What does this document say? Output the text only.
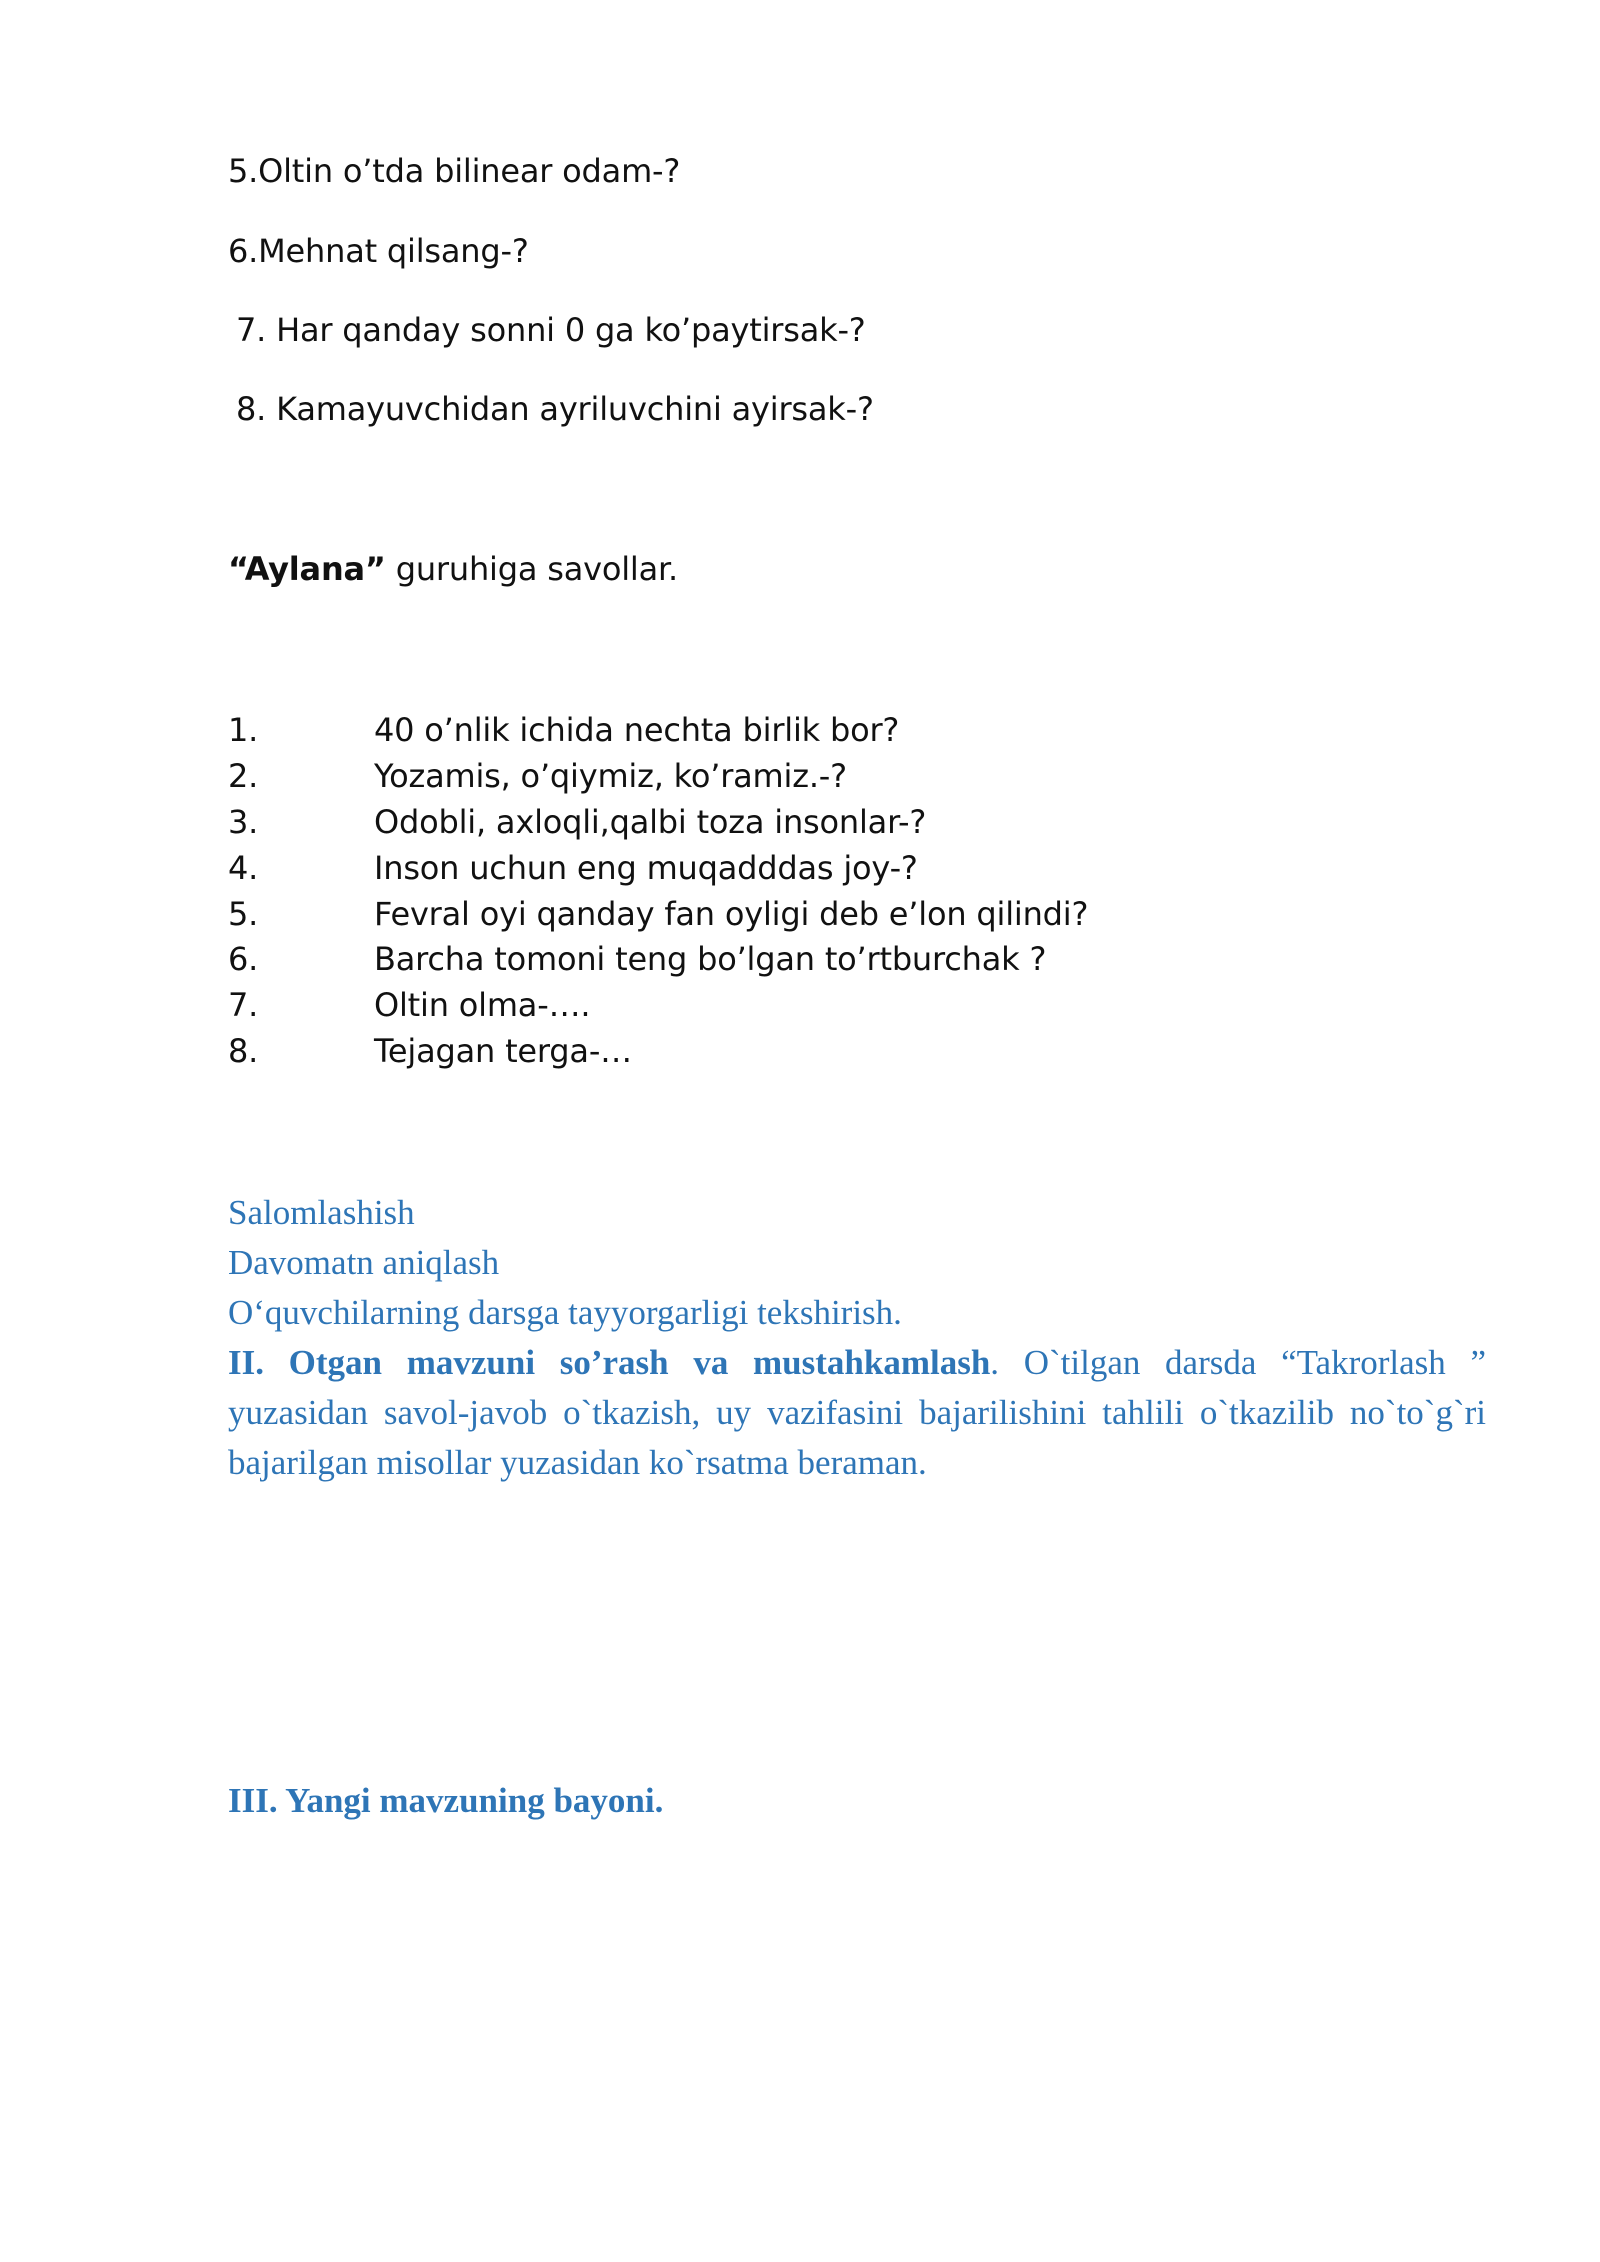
5.Oltin o’tda bilinear odam-?
6.Mehnat qilsang-?
7. Har qanday sonni 0 ga ko’paytirsak-?
8. Kamayuvchidan ayriluvchini ayirsak-?
“Aylana” guruhiga savollar.
1.	40 o’nlik ichida nechta birlik bor?
2.	Yozamis, o’qiymiz, ko’ramiz.-?
3.	Odobli, axloqli,qalbi toza insonlar-?
4.	Inson uchun eng muqadddas joy-?
5.	Fevral oyi qanday fan oyligi deb e’lon qilindi?
6.	Barcha tomoni teng bo’lgan to’rtburchak ?
7.	Oltin olma-….
8.	Tejagan terga-…
Salomlashish
Davomatn aniqlash
O‘quvchilarning darsga tayyorgarligi tekshirish.
II. Otgan mavzuni so’rash va mustahkamlash. O`tilgan darsda “Takrorlash ” yuzasidan savol-javob o`tkazish, uy vazifasini bajarilishini tahlili o`tkazilib no`to`g`ri bajarilgan misollar yuzasidan ko`rsatma beraman.
III. Yangi mavzuning bayoni.
